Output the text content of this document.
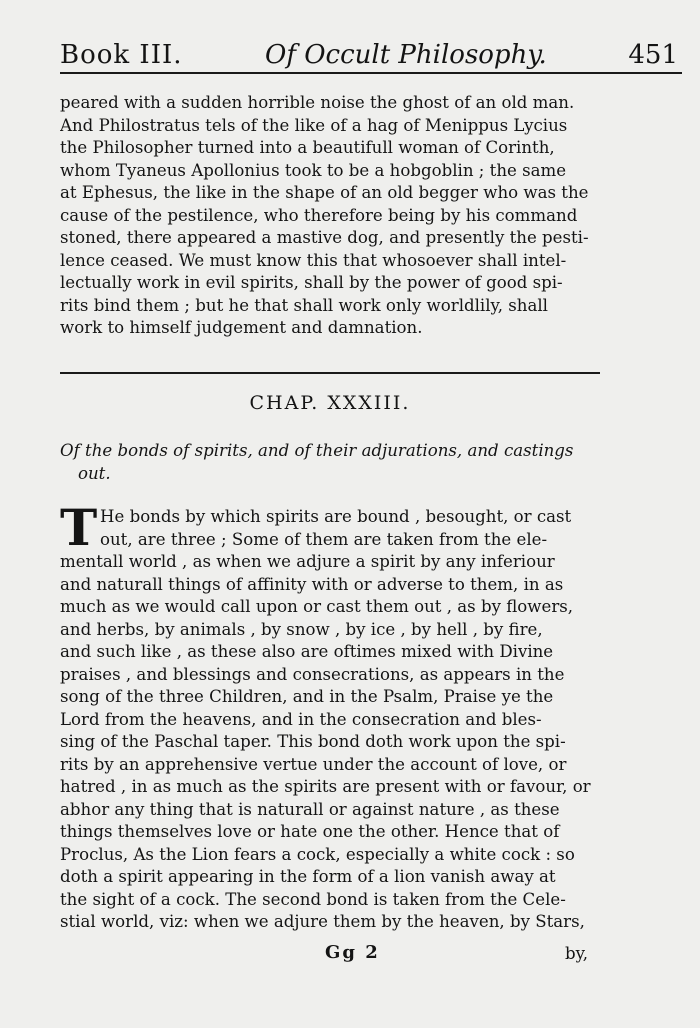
Book III.	Of Occult Philosophy.	451
peared with a sudden horrible noise the ghost of an old man.
And Philostratus tels of the like of a hag of Menippus Lycius
the Philosopher turned into a beautifull woman of Corinth,
whom Tyaneus Apollonius took to be a hobgoblin ; the same
at Ephesus, the like in the shape of an old begger who was the
cause of the pestilence, who therefore being by his command
stoned, there appeared a mastive dog, and presently the pesti-
lence ceased. We must know this that whosoever shall intel-
lectually work in evil spirits, shall by the power of good spi-
rits bind them ; but he that shall work only worldlily, shall
work to himself judgement and damnation.
CHAP. XXXIII.
Of the bonds of spirits, and of their adjurations, and castings
out.
T He bonds by which spirits are bound , besought, or cast
out, are three ; Some of them are taken from the ele-
mentall world , as when we adjure a spirit by any inferiour
and naturall things of affinity with or adverse to them, in as
much as we would call upon or cast them out , as by flowers,
and herbs, by animals , by snow , by ice , by hell , by fire,
and such like , as these also are oftimes mixed with Divine
praises , and blessings and consecrations, as appears in the
song of the three Children, and in the Psalm, Praise ye the
Lord from the heavens, and in the consecration and bles-
sing of the Paschal taper. This bond doth work upon the spi-
rits by an apprehensive vertue under the account of love, or
hatred , in as much as the spirits are present with or favour, or
abhor any thing that is naturall or against nature , as these
things themselves love or hate one the other. Hence that of
Proclus, As the Lion fears a cock, especially a white cock : so
doth a spirit appearing in the form of a lion vanish away at
the sight of a cock. The second bond is taken from the Cele-
stial world, viz: when we adjure them by the heaven, by Stars,
Gg 2	by,
